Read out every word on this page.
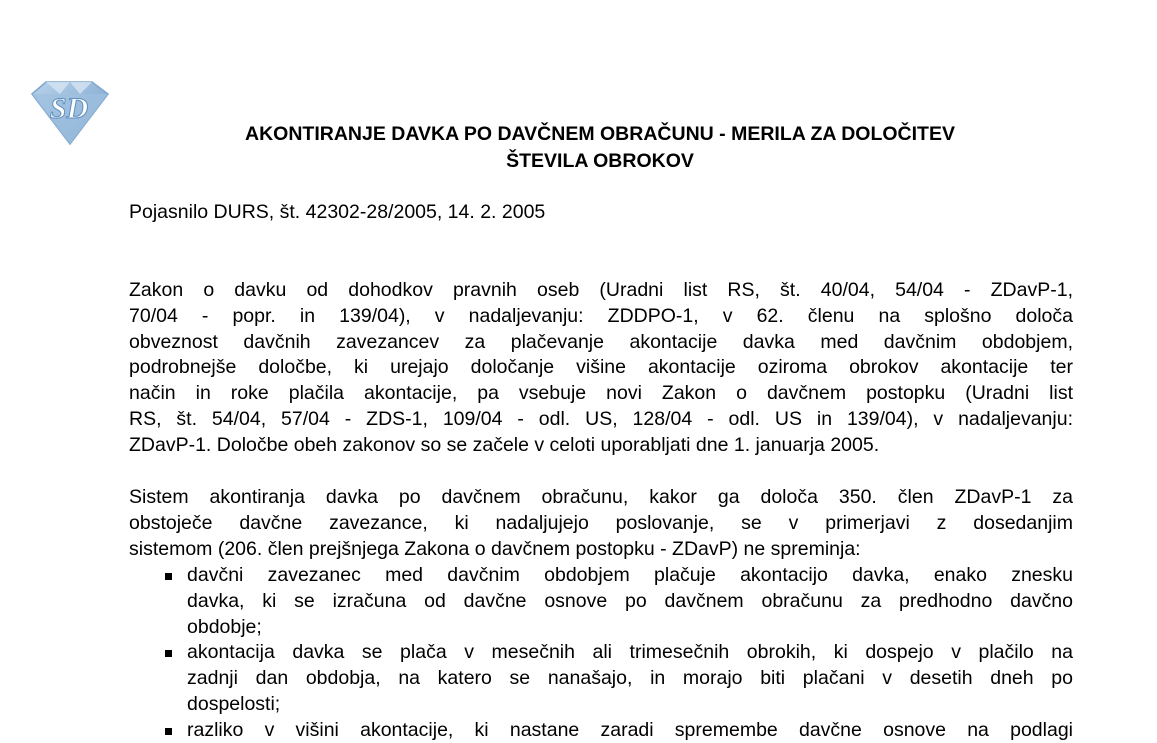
SD
AKONTIRANJE DAVKA PO DAVČNEM OBRAČUNU - MERILA ZA DOLOČITEV
ŠTEVILA OBROKOV
Pojasnilo DURS, št. 42302-28/2005, 14. 2. 2005
Zakon o davku od dohodkov pravnih oseb (Uradni list RS, št. 40/04, 54/04 - ZDavP-1,
70/04 - popr. in 139/04), v nadaljevanju: ZDDPO-1, v 62. členu na splošno določa
obveznost davčnih zavezancev za plačevanje akontacije davka med davčnim obdobjem,
podrobnejše določbe, ki urejajo določanje višine akontacije oziroma obrokov akontacije ter
način in roke plačila akontacije, pa vsebuje novi Zakon o davčnem postopku (Uradni list
RS, št. 54/04, 57/04 - ZDS-1, 109/04 - odl. US, 128/04 - odl. US in 139/04), v nadaljevanju:
ZDavP-1. Določbe obeh zakonov so se začele v celoti uporabljati dne 1. januarja 2005.
Sistem akontiranja davka po davčnem obračunu, kakor ga določa 350. člen ZDavP-1 za
obstoječe davčne zavezance, ki nadaljujejo poslovanje, se v primerjavi z dosedanjim
sistemom (206. člen prejšnjega Zakona o davčnem postopku - ZDavP) ne spreminja:
davčni zavezanec med davčnim obdobjem plačuje akontacijo davka, enako znesku
davka, ki se izračuna od davčne osnove po davčnem obračunu za predhodno davčno
obdobje;
akontacija davka se plača v mesečnih ali trimesečnih obrokih, ki dospejo v plačilo na
zadnji dan obdobja, na katero se nanašajo, in morajo biti plačani v desetih dneh po
dospelosti;
razliko v višini akontacije, ki nastane zaradi spremembe davčne osnove na podlagi
